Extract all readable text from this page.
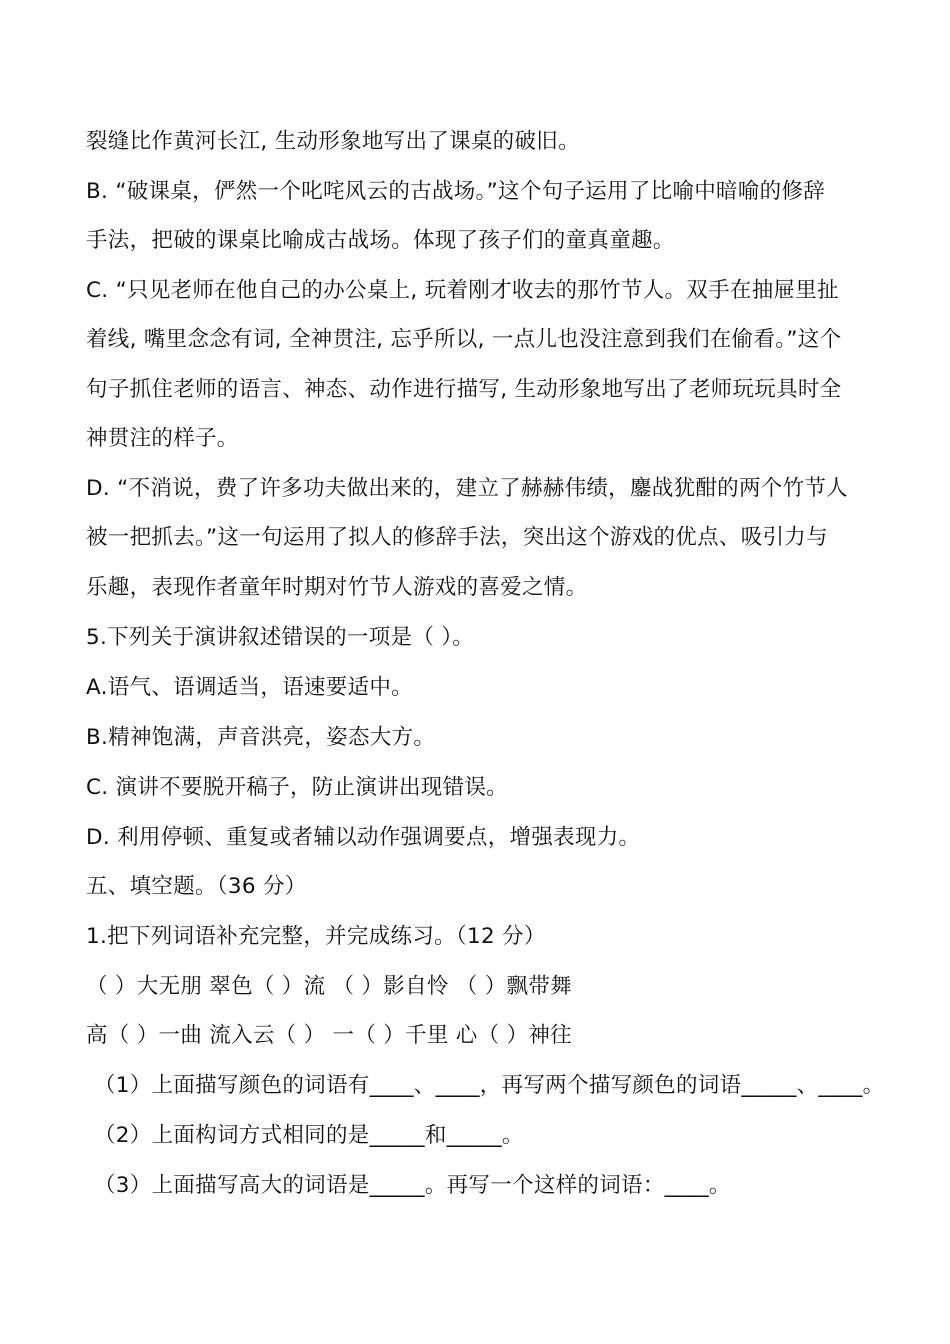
裂缝比作黄河长江, 生动形象地写出了课桌的破旧。
B. “破课桌，俨然一个叱咤风云的古战场。”这个句子运用了比喻中暗喻的修辞
手法，把破的课桌比喻成古战场。体现了孩子们的童真童趣。
C. “只见老师在他自己的办公桌上, 玩着刚才收去的那竹节人。双手在抽屉里扯
着线, 嘴里念念有词, 全神贯注, 忘乎所以, 一点儿也没注意到我们在偷看。”这个
句子抓住老师的语言、神态、动作进行描写, 生动形象地写出了老师玩玩具时全
神贯注的样子。
D. “不消说，费了许多功夫做出来的，建立了赫赫伟绩，鏖战犹酣的两个竹节人
被一把抓去。”这一句运用了拟人的修辞手法，突出这个游戏的优点、吸引力与
乐趣，表现作者童年时期对竹节人游戏的喜爱之情。
5.下列关于演讲叙述错误的一项是（ ）。
A.语气、语调适当，语速要适中。
B.精神饱满，声音洪亮，姿态大方。
C. 演讲不要脱开稿子，防止演讲出现错误。
D. 利用停顿、重复或者辅以动作强调要点，增强表现力。
五、填空题。（36 分）
1.把下列词语补充完整，并完成练习。（12 分）
（ ）大无朋 翠色（ ）流 （ ）影自怜 （ ）飘带舞
高（ ）一曲 流入云（ ） 一（ ）千里 心（ ）神往
（1）上面描写颜色的词语有____、____，再写两个描写颜色的词语_____、____。
（2）上面构词方式相同的是_____和_____。
（3）上面描写高大的词语是_____。再写一个这样的词语：____。
